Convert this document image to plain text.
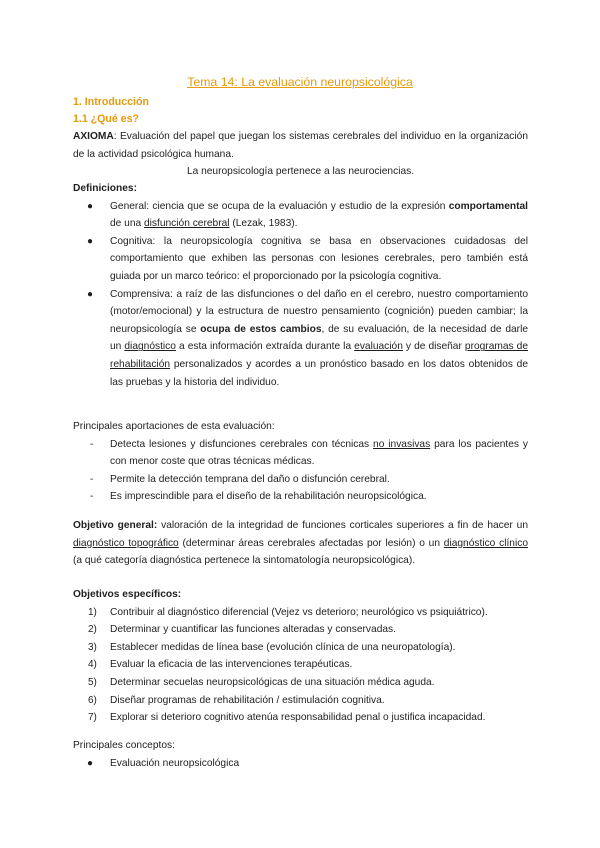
Tema 14: La evaluación neuropsicológica
1. Introducción
1.1 ¿Qué es?

AXIOMA: Evaluación del papel que juegan los sistemas cerebrales del individuo en la organización de la actividad psicológica humana.

La neuropsicología pertenece a las neurociencias.

Definiciones:

● General: ciencia que se ocupa de la evaluación y estudio de la expresión comportamental de una disfunción cerebral (Lezak, 1983).
● Cognitiva: la neuropsicología cognitiva se basa en observaciones cuidadosas del comportamiento que exhiben las personas con lesiones cerebrales, pero también está guiada por un marco teórico: el proporcionado por la psicología cognitiva.
● Comprensiva: a raíz de las disfunciones o del daño en el cerebro, nuestro comportamiento (motor/emocional) y la estructura de nuestro pensamiento (cognición) pueden cambiar; la neuropsicología se ocupa de estos cambios, de su evaluación, de la necesidad de darle un diagnóstico a esta información extraída durante la evaluación y de diseñar programas de rehabilitación personalizados y acordes a un pronóstico basado en los datos obtenidos de las pruebas y la historia del individuo.

Principales aportaciones de esta evaluación:

- Detecta lesiones y disfunciones cerebrales con técnicas no invasivas para los pacientes y con menor coste que otras técnicas médicas.
- Permite la detección temprana del daño o disfunción cerebral.
- Es imprescindible para el diseño de la rehabilitación neuropsicológica.

Objetivo general: valoración de la integridad de funciones corticales superiores a fin de hacer un diagnóstico topográfico (determinar áreas cerebrales afectadas por lesión) o un diagnóstico clínico (a qué categoría diagnóstica pertenece la sintomatología neuropsicológica).

Objetivos específicos:

1) Contribuir al diagnóstico diferencial (Vejez vs deterioro; neurológico vs psiquiátrico).
2) Determinar y cuantificar las funciones alteradas y conservadas.
3) Establecer medidas de línea base (evolución clínica de una neuropatología).
4) Evaluar la eficacia de las intervenciones terapéuticas.
5) Determinar secuelas neuropsicológicas de una situación médica aguda.
6) Diseñar programas de rehabilitación / estimulación cognitiva.
7) Explorar si deterioro cognitivo atenúa responsabilidad penal o justifica incapacidad.

Principales conceptos:

● Evaluación neuropsicológica
